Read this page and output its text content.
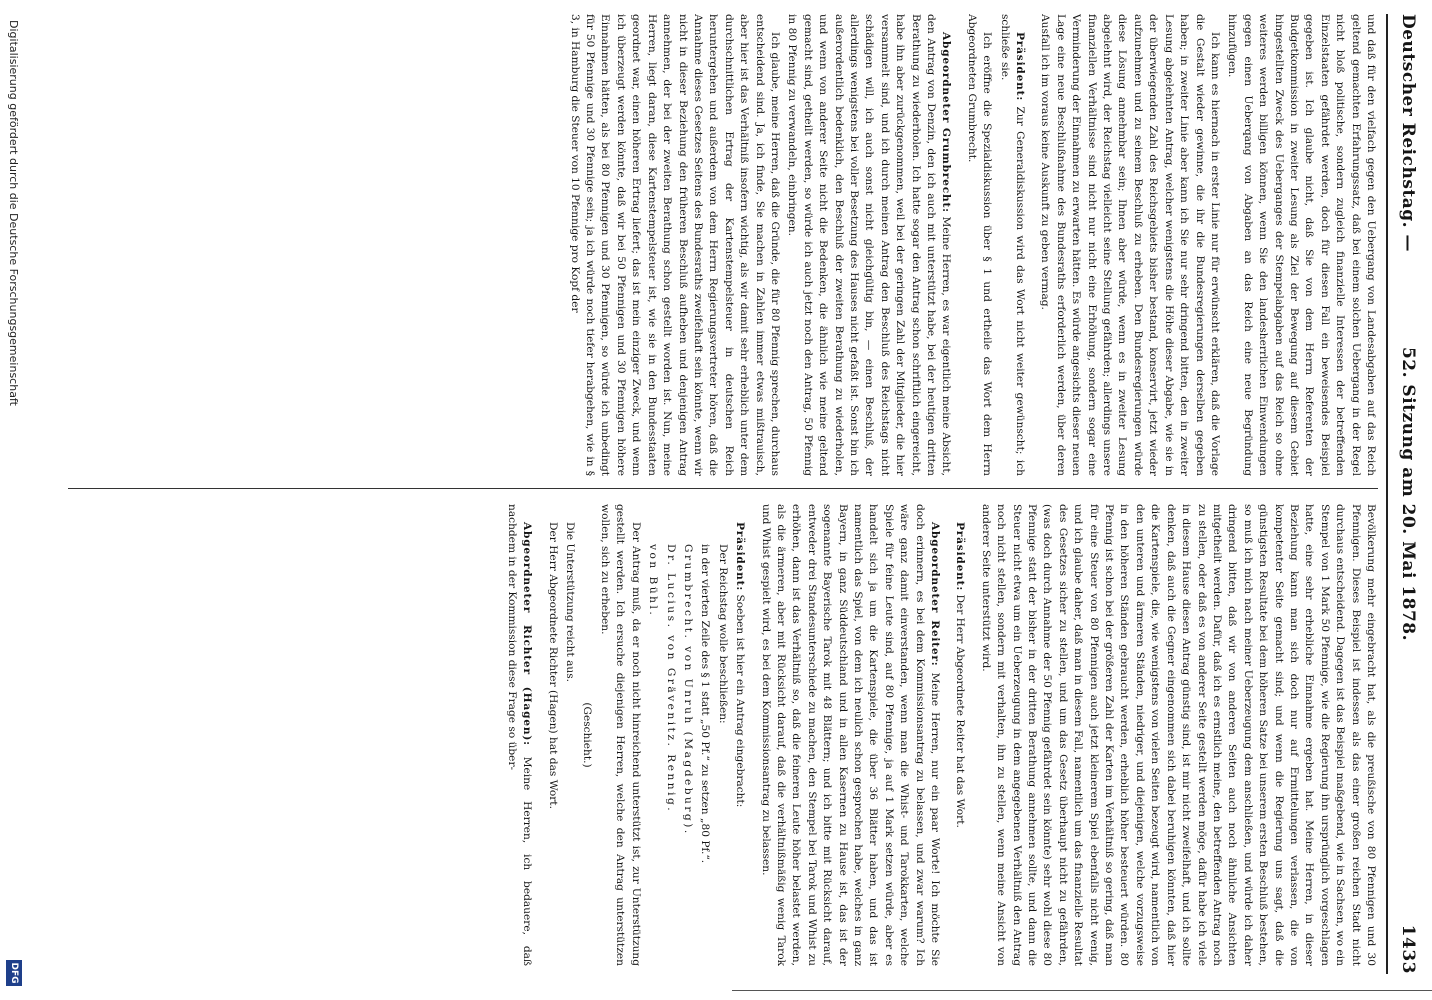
Deutscher Reichstag. —
52. Sitzung am 20. Mai 1878.
1433

und daß für den vielfach gegen den Uebergang von Landesabgaben auf das Reich geltend gemachten Erfahrungssatz, daß bei einem solchen Uebergang in der Regel nicht bloß politische, sondern zugleich finanzielle Interessen der betreffenden Einzelstaaten gefährdet werden, doch für diesen Fall ein beweisendes Beispiel gegeben ist. Ich glaube nicht, daß Sie von dem Herrn Referenten der Budgetkommission in zweiter Lesung als Ziel der Bewegung auf diesem Gebiet hingestellten Zweck des Ueberganges der Stempelabgaben auf das Reich so ohne weiteres werden billigen können, wenn Sie den landesherrlichen Einwendungen gegen einen Ueberqang von Abgaben an das Reich eine neue Begründung hinzufügen.

Ich kann es hiernach in erster Linie nur für erwünscht erklären, daß die Vorlage die Gestalt wieder gewinne, die ihr die Bundesregierungen derselben gegeben haben; in zweiter Linie aber kann ich Sie nur sehr dringend bitten, den in zweiter Lesung abgelehnten Antrag, welcher wenigstens die Höhe dieser Abgabe, wie sie in der überwiegenden Zahl des Reichsgebiets bisher bestand, konservirt, jetzt wieder aufzunehmen und zu seinem Beschluß zu erheben. Den Bundesregierungen würde diese Lösung annehmbar sein; Ihnen aber würde, wenn es in zweiter Lesung abgelehnt wird, der Reichstag vielleicht seine Stellung gefährden; allerdings unsere finanziellen Verhältnisse sind nicht nur nicht eine Erhöhung, sondern sogar eine Verminderung der Einnahmen zu erwarten hätten. Es würde angesichts dieser neuen Lage eine neue Beschlußnahme des Bundesraths erforderlich werden, über deren Ausfall ich im voraus keine Auskunft zu geben vermag.

Präsident: Zur Generaldiskussion wird das Wort nicht weiter gewünscht; ich schließe sie.

Ich eröffne die Spezialdiskussion über § 1 und ertheile das Wort dem Herrn Abgeordneten Grumbrecht.

Abgeordneter Grumbrecht: Meine Herren, es war eigentlich meine Absicht, den Antrag von Denzin, den ich auch mit unterstützt habe, bei der heutigen dritten Berathung zu wiederholen. Ich hatte sogar den Antrag schon schriftlich eingereicht, habe ihn aber zurückgenommen, weil bei der geringen Zahl der Mitglieder, die hier versammelt sind, und ich durch meinen Antrag den Beschluß des Reichstags nicht schädigen will, ich auch sonst nicht gleichgültig bin, — einen Beschluß, der allerdings wenigstens bei voller Besetzung des Hauses nicht gefaßt ist. Sonst bin ich außerordentlich bedenklich, den Beschluß der zweiten Berathung zu wiederholen, und wenn von anderer Seite nicht die Bedenken, die ähnlich wie meine geltend gemacht sind, getheilt werden, so würde ich auch jetzt noch den Antrag, 50 Pfennig in 80 Pfennig zu verwandeln, einbringen.

Ich glaube, meine Herren, daß die Gründe, die für 80 Pfennig sprechen, durchaus entscheidend sind. Ja, ich finde, Sie machen in Zahlen immer etwas mißtrauisch, aber hier ist das Verhältniß insofern wichtig, als wir damit sehr erheblich unter dem durchschnittlichen Ertrag der Kartenstempelsteuer in deutschen Reich heruntergehen und außerdem von dem Herrn Regierungsvertreter hören, daß die Annahme dieses Gesetzes Seitens des Bundesraths zweifelhaft sein könnte, wenn wir nicht in dieser Beziehung den früheren Beschluß aufheben und denjenigen Antrag annehmen, der bei der zweiten Berathung schon gestellt worden ist. Nun, meine Herren, liegt daran, diese Kartenstempelsteuer ist, wie sie in den Bundesstaaten geordnet war, einen höheren Ertrag liefert; das ist mein einziger Zweck, und wenn ich überzeugt werden könnte, daß wir bei 50 Pfennigen und 30 Pfennigen höhere Einnahmen hätten, als bei 80 Pfennigen und 30 Pfennigen, so würde ich unbedingt für 50 Pfennige und 30 Pfennige sein; ja ich würde noch tiefer herabgehen, wie in § 3, in Hamburg die Steuer von 10 Pfennige pro Kopf der

Bevölkerung mehr eingebracht hat, als die preußische von 80 Pfennigen und 30 Pfennigen. Dieses Beispiel ist indessen als das einer großen reichen Stadt nicht durchaus entscheidend. Dagegen ist das Beispiel maßgebend, wie in Sachsen, wo ein Stempel von 1 Mark 50 Pfennige, wie die Regierung ihn ursprünglich vorgeschlagen hatte, eine sehr erhebliche Einnahme ergeben hat. Meine Herren, in dieser Beziehung kann man sich doch nur auf Ermittelungen verlassen, die von kompetenter Seite gemacht sind; und wenn die Regierung uns sagt, daß die günstigsten Resultate bei dem höheren Satze bei unserem ersten Beschluß bestehen, so muß ich mich nach meiner Ueberzeugung dem anschließen, und würde ich daher dringend bitten, daß wir von anderen Seiten auch noch ähnliche Ansichten mitgetheilt werden. Dafür, daß ich es ernstlich meine, den betreffenden Antrag noch zu stellen, oder daß es von anderer Seite gestellt werden möge, dafür habe ich viele in diesem Hause diesen Antrag günstig sind, ist mir nicht zweifelhaft, und ich sollte denken, daß auch die Gegner eingenommen sich dabei beruhigen könnten, daß hier die Kartenspiele, die, wie wenigstens von vielen Seiten bezeugt wird, namentlich von den unteren und ärmeren Ständen, niedriger, und diejenigen, welche vorzugsweise in den höheren Ständen gebraucht werden, erheblich höher besteuert würden. 80 Pfennig ist schon bei der größeren Zahl der Karten im Verhältniß so gering, daß man für eine Steuer von 80 Pfennigen auch jetzt kleinerem Spiel ebenfalls nicht wenig, und ich glaube daher, daß man in diesem Fall, namentlich um das finanzielle Resultat des Gesetzes sicher zu stellen, und um das Gesetz überhaupt nicht zu gefährden, (was doch durch Annahme der 50 Pfennig gefährdet sein könnte) sehr wohl diese 80 Pfennige statt der bisher in der dritten Berathung annehmen sollte, und dann die Steuer nicht etwa um ein Ueberzeugung in dem angegebenen Verhältniß den Antrag noch nicht stellen, sondern mit verhalten, ihn zu stellen, wenn meine Ansicht von anderer Seite unterstützt wird.

Präsident: Der Herr Abgeordnete Reiter hat das Wort.

Abgeordneter Reiter: Meine Herren, nur ein paar Worte! Ich möchte Sie doch erinnern, es bei dem Kommissionsantrag zu belassen, und zwar warum? Ich wäre ganz damit einverstanden, wenn man die Whist- und Tarokkarten, welche Spiele für feine Leute sind, auf 80 Pfennige, ja auf 1 Mark setzen würde, aber es handelt sich ja um die Kartenspiele, die über 36 Blätter haben, und das ist namentlich das Spiel, von dem ich neulich schon gesprochen habe, welches in ganz Bayern, in ganz Süddeutschland und in allen Kasernen zu Hause ist, das ist der sogenannte Bayerische Tarok mit 48 Blättern; und ich bitte mit Rücksicht darauf, entweder drei Standesunterschiede zu machen, den Stempel bei Tarok und Whist zu erhöhen, dann ist das Verhältniß so, daß die feineren Leute höher belastet werden, als die ärmeren, aber mit Rücksicht darauf, daß die verhältnißmäßig wenig Tarok und Whist gespielt wird, es bei dem Kommissionsantrag zu belassen.

Präsident: Soeben ist hier ein Antrag eingebracht:

Der Reichstag wolle beschließen:

in der vierten Zeile des § 1 statt „50 Pf.“ zu setzen „80 Pf.“.

Grumbrecht. von Unruh (Magdeburg).

Dr. Lucius. von Grävenitz. Rennig.

von Bühl.

Der Antrag muß, da er noch nicht hinreichend unterstützt ist, zur Unterstützung gestellt werden. Ich ersuche diejenigen Herren, welche den Antrag unterstützen wollen, sich zu erheben.

(Geschieht.)

Die Unterstützung reicht aus.

Der Herr Abgeordnete Richter (Hagen) hat das Wort.

Abgeordneter Richter (Hagen): Meine Herren, ich bedauere, daß nachdem in der Kommission diese Frage so über-

Digitalisierung gefördert durch die Deutsche Forschungsgemeinschaft
DFG
